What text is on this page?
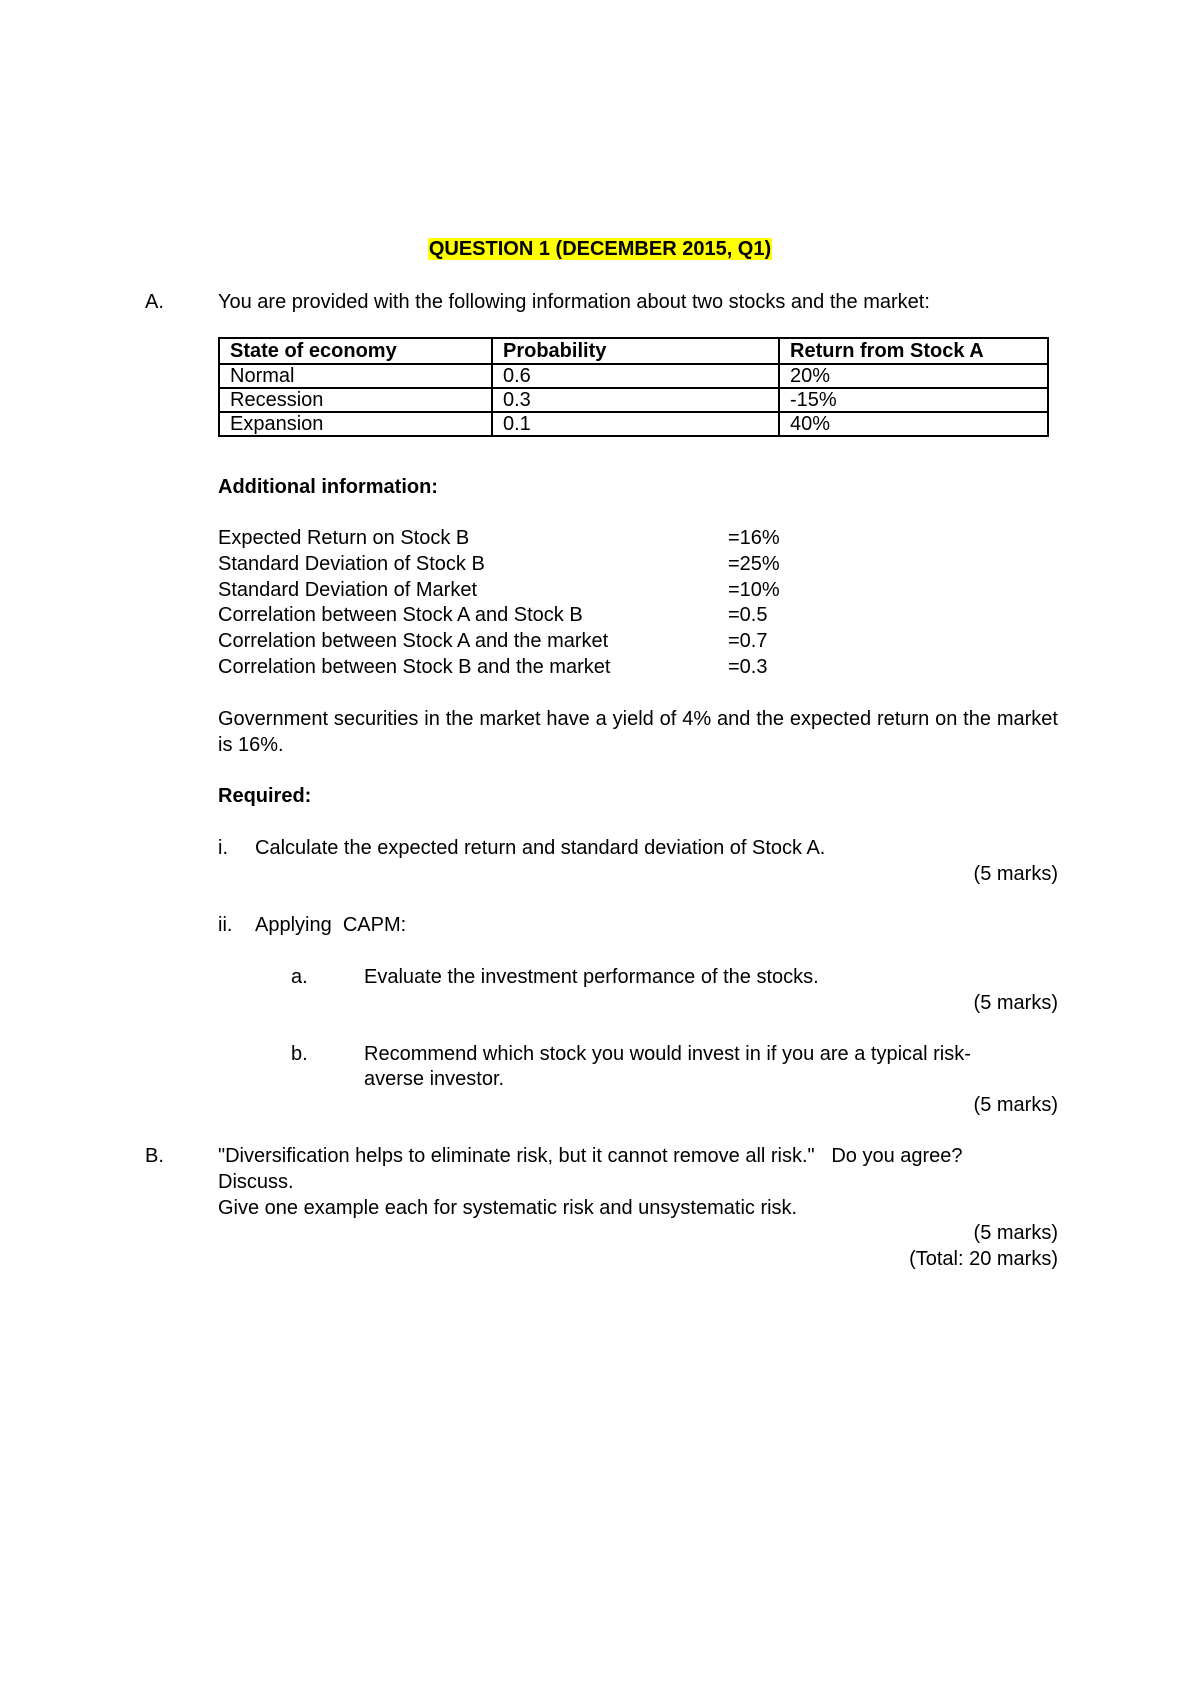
QUESTION 1 (DECEMBER 2015, Q1)
A.	You are provided with the following information about two stocks and the market:
State of economy	Probability	Return from Stock A
Normal	0.6	20%
Recession	0.3	-15%
Expansion	0.1	40%
Additional information:
Expected Return on Stock B	=16%
Standard Deviation of Stock B	=25%
Standard Deviation of Market	=10%
Correlation between Stock A and Stock B	=0.5
Correlation between Stock A and the market	=0.7
Correlation between Stock B and the market	=0.3
Government securities in the market have a yield of 4% and the expected return on the market is 16%.
Required:
i. Calculate the expected return and standard deviation of Stock A.
(5 marks)
ii. Applying  CAPM:
a.	Evaluate the investment performance of the stocks.
(5 marks)
b.	Recommend which stock you would invest in if you are a typical risk-
averse investor.
(5 marks)
B.	"Diversification helps to eliminate risk, but it cannot remove all risk."   Do you agree?
Discuss.
Give one example each for systematic risk and unsystematic risk.
(5 marks)
(Total: 20 marks)
